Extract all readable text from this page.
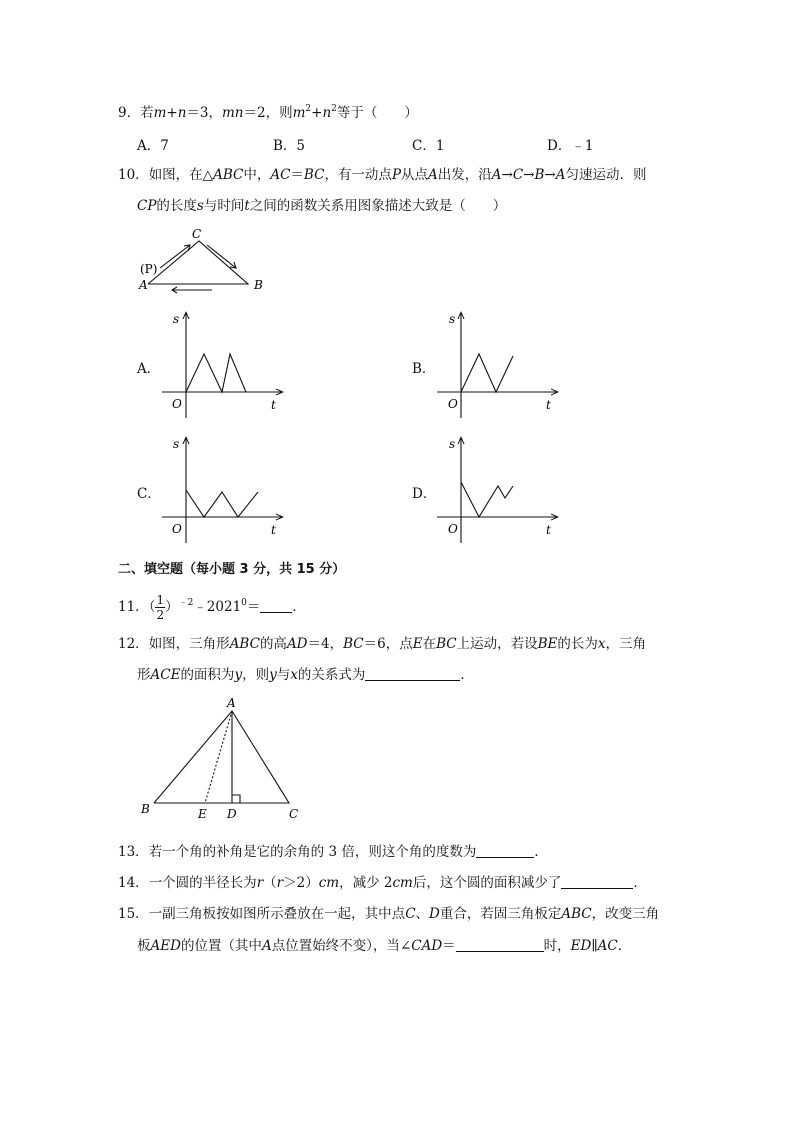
9．若m+n＝3，mn＝2，则$m^2+n^2$等于（　　）
A．7	B．5	C．1	D．﹣1
10．如图，在△ABC中，AC＝BC，有一动点P从点A出发，沿A→C→B→A匀速运动．则
CP的长度s与时间t之间的函数关系用图象描述大致是（　　）
C
A	B
(P)
s
O	t
s
O	t
s
O	t
s
O	t
A．	B．
C．	D．
二、填空题（每小题 3 分，共 15 分）
11．（ $\frac{1}{2}$ ）$^{﹣2}﹣2021^0=$ ．
12．如图，三角形ABC的高AD＝4，BC＝6，点E在BC上运动，若设BE的长为x，三角
形ACE的面积为y，则y与x的关系式为	．
A
B	C
D
E
13．若一个角的补角是它的余角的 3 倍，则这个角的度数为	．
14．一个圆的半径长为r（r＞2）cm，减少 2cm后，这个圆的面积减少了	．
15．一副三角板按如图所示叠放在一起，其中点C、D重合，若固三角板定ABC，改变三角
板AED的位置（其中A点位置始终不变），当∠CAD＝	时，ED∥AC．
